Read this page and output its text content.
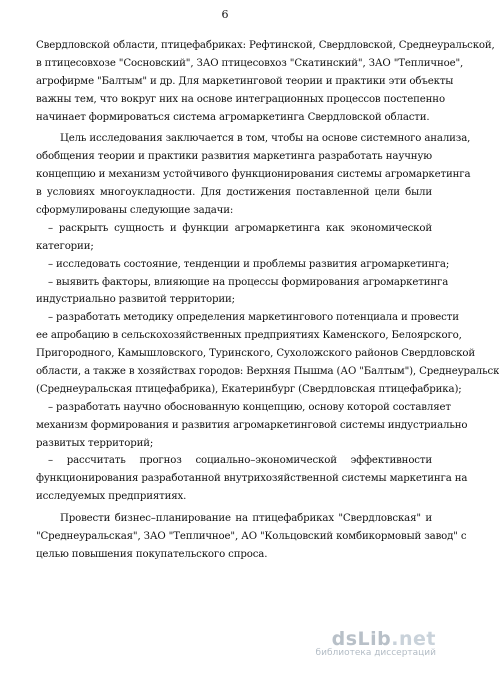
6
Свердловской области, птицефабриках: Рефтинской, Свердловской, Среднеуральской,
в птицесовхозе "Сосновский", ЗАО птицесовхоз "Скатинский", ЗАО "Тепличное",
агрофирме "Балтым" и др. Для маркетинговой теории и практики эти объекты
важны тем, что вокруг них на основе интеграционных процессов постепенно
начинает формироваться система агромаркетинга Свердловской области.
Цель исследования заключается в том, чтобы на основе системного анализа,
обобщения теории и практики развития маркетинга разработать научную
концепцию и механизм устойчивого функционирования системы агромаркетинга
в условиях многоукладности. Для достижения поставленной цели были
сформулированы следующие задачи:
– раскрыть сущность и функции агромаркетинга как экономической
категории;
– исследовать состояние, тенденции и проблемы развития агромаркетинга;
– выявить факторы, влияющие на процессы формирования агромаркетинга
индустриально развитой территории;
– разработать методику определения маркетингового потенциала и провести
ее апробацию в сельскохозяйственных предприятиях Каменского, Белоярского,
Пригородного, Камышловского, Туринского, Сухоложского районов Свердловской
области, а также в хозяйствах городов: Верхняя Пышма (АО "Балтым"), Среднеуральск
(Среднеуральская птицефабрика), Екатеринбург (Свердловская птицефабрика);
– разработать научно обоснованную концепцию, основу которой составляет
механизм формирования и развития агромаркетинговой системы индустриально
развитых территорий;
– рассчитать прогноз социально–экономической эффективности
функционирования разработанной внутрихозяйственной системы маркетинга на
исследуемых предприятиях.
Провести бизнес–планирование на птицефабриках "Свердловская" и
"Среднеуральская", ЗАО "Тепличное", АО "Кольцовский комбикормовый завод" с
целью повышения покупательского спроса.
dsLib.net
библиотека диссертаций
